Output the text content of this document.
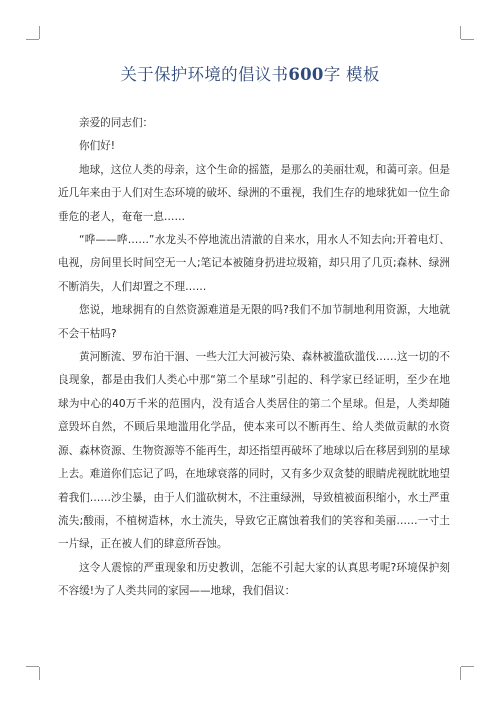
关于保护环境的倡议书600字 模板

亲爱的同志们：

你们好!

地球，这位人类的母亲，这个生命的摇篮，是那么的美丽壮观，和蔼可亲。但是近几年来由于人们对生态环境的破坏、绿洲的不重视，我们生存的地球犹如一位生命垂危的老人，奄奄一息……

“哗——哗……”水龙头不停地流出清澈的自来水，用水人不知去向;开着电灯、电视，房间里长时间空无一人;笔记本被随身扔进垃圾箱，却只用了几页;森林、绿洲不断消失，人们却置之不理……

您说，地球拥有的自然资源难道是无限的吗?我们不加节制地利用资源，大地就不会干枯吗?

黄河断流、罗布泊干涸、一些大江大河被污染、森林被滥砍滥伐……这一切的不良现象，都是由我们人类心中那“第二个星球”引起的、科学家已经证明，至少在地球为中心的40万千米的范围内，没有适合人类居住的第二个星球。但是，人类却随意毁坏自然，不顾后果地滥用化学品，使本来可以不断再生、给人类做贡献的水资源、森林资源、生物资源等不能再生，却还指望再破坏了地球以后在移居到别的星球上去。难道你们忘记了吗，在地球衰落的同时，又有多少双贪婪的眼睛虎视眈眈地望着我们……沙尘暴，由于人们滥砍树木，不注重绿洲，导致植被面积缩小，水土严重流失;酸雨，不植树造林，水土流失，导致它正腐蚀着我们的笑容和美丽……一寸土一片绿，正在被人们的肆意所吞蚀。

这令人震惊的严重现象和历史教训，怎能不引起大家的认真思考呢?环境保护刻不容缓!为了人类共同的家园——地球，我们倡议：
